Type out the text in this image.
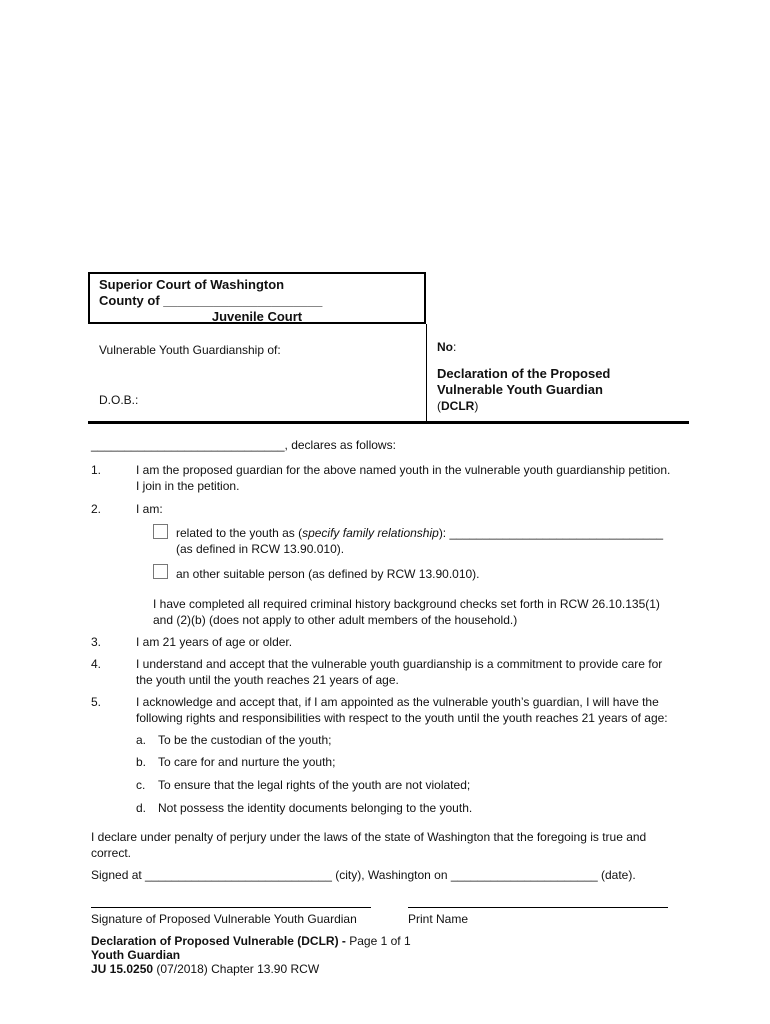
Superior Court of Washington
County of ______________________
Juvenile Court
Vulnerable Youth Guardianship of:
D.O.B.:
No:
Declaration of the Proposed
Vulnerable Youth Guardian
(DCLR)
_____________________________, declares as follows:
1.	I am the proposed guardian for the above named youth in the vulnerable youth guardianship petition.
I join in the petition.
2.	I am:
related to the youth as (specify family relationship): ________________________________
(as defined in RCW 13.90.010).
an other suitable person (as defined by RCW 13.90.010).
I have completed all required criminal history background checks set forth in RCW 26.10.135(1)
and (2)(b) (does not apply to other adult members of the household.)
3.	I am 21 years of age or older.
4.	I understand and accept that the vulnerable youth guardianship is a commitment to provide care for
the youth until the youth reaches 21 years of age.
5.	I acknowledge and accept that, if I am appointed as the vulnerable youth’s guardian, I will have the
following rights and responsibilities with respect to the youth until the youth reaches 21 years of age:
a. To be the custodian of the youth;
b. To care for and nurture the youth;
c. To ensure that the legal rights of the youth are not violated;
d. Not possess the identity documents belonging to the youth.
I declare under penalty of perjury under the laws of the state of Washington that the foregoing is true and
correct.
Signed at ____________________________ (city), Washington on ______________________ (date).
Signature of Proposed Vulnerable Youth Guardian	Print Name
Declaration of Proposed Vulnerable (DCLR) - Page 1 of 1
Youth Guardian
JU 15.0250 (07/2018) Chapter 13.90 RCW
